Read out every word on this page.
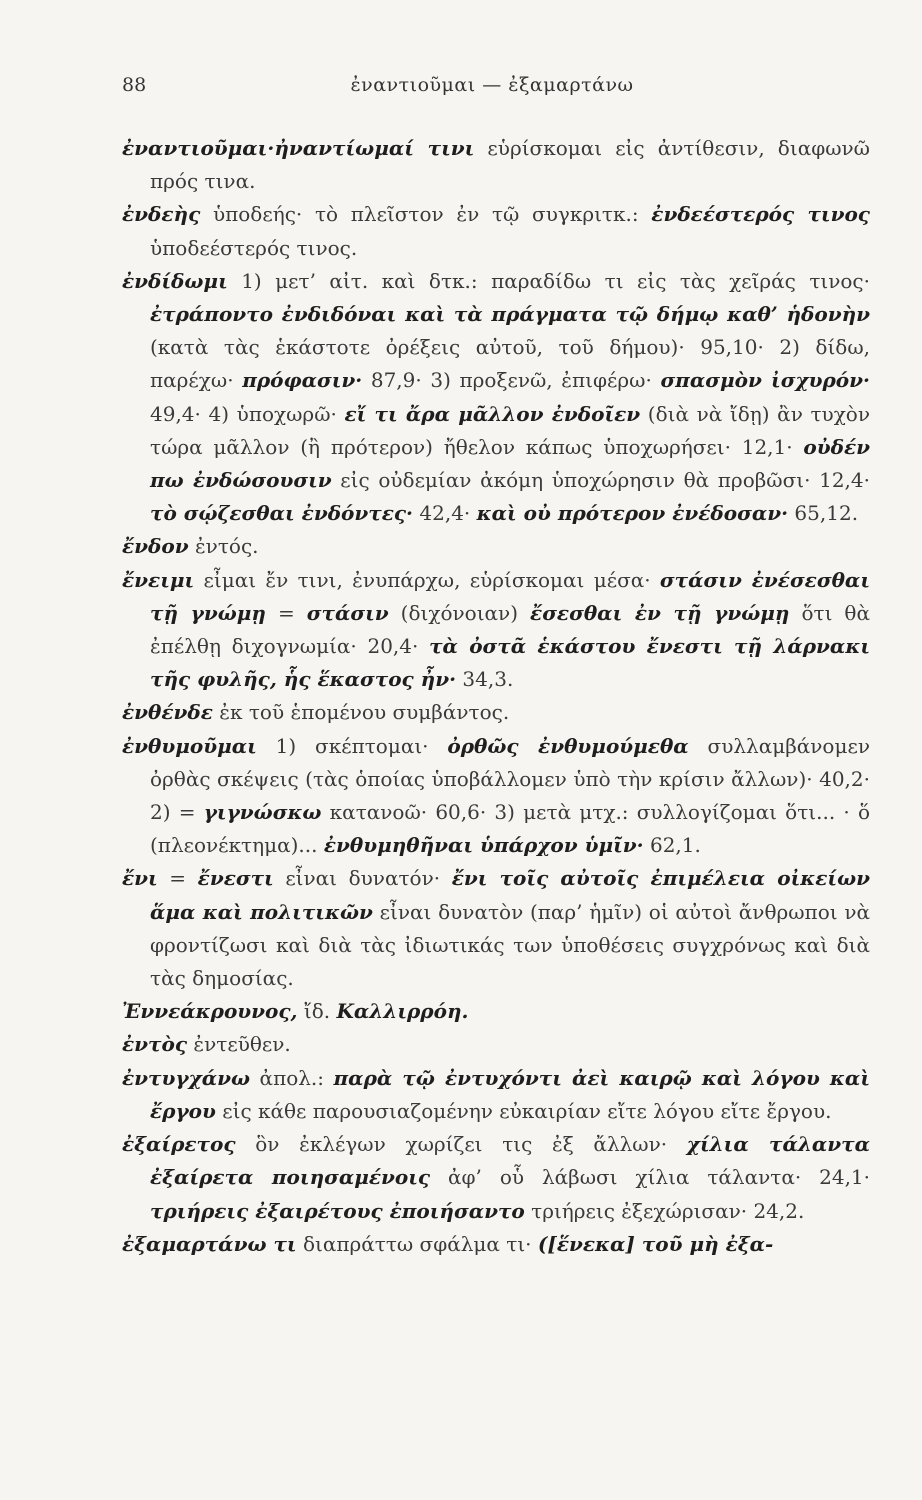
88	ἐναντιοῦμαι — ἐξαμαρτάνω

ἐναντιοῦμαι·ἠναντίωμαί τινι εὑρίσκομαι εἰς ἀντίθεσιν, διαφωνῶ πρός τινα.

ἐνδεὴς ὑποδεής· τὸ πλεῖστον ἐν τῷ συγκριτκ.: ἐνδεέστερός τινος ὑποδεέστερός τινος.

ἐνδίδωμι 1) μετ’ αἰτ. καὶ δτκ.: παραδίδω τι εἰς τὰς χεῖράς τινος· ἐτράποντο ἐνδιδόναι καὶ τὰ πράγματα τῷ δήμῳ καθ’ ἡδονὴν (κατὰ τὰς ἑκάστοτε ὀρέξεις αὐτοῦ, τοῦ δήμου)· 95,10· 2) δίδω, παρέχω· πρόφασιν· 87,9· 3) προξενῶ, ἐπιφέρω· σπασμὸν ἰσχυρόν· 49,4· 4) ὑποχωρῶ· εἴ τι ἄρα μᾶλλον ἐνδοῖεν (διὰ νὰ ἴδῃ) ἂν τυχὸν τώρα μᾶλλον (ἢ πρότερον) ἤθελον κάπως ὑποχωρήσει· 12,1· οὐδέν πω ἐνδώσουσιν εἰς οὐδεμίαν ἀκόμη ὑποχώρησιν θὰ προβῶσι· 12,4· τὸ σῴζεσθαι ἐνδόντες· 42,4· καὶ οὐ πρότερον ἐνέδοσαν· 65,12.

ἔνδον ἐντός.

ἔνειμι εἶμαι ἔν τινι, ἐνυπάρχω, εὑρίσκομαι μέσα· στάσιν ἐνέσεσθαι τῇ γνώμῃ = στάσιν (διχόνοιαν) ἔσεσθαι ἐν τῇ γνώμῃ ὅτι θὰ ἐπέλθῃ διχογνωμία· 20,4· τὰ ὀστᾶ ἑκάστου ἔνεστι τῇ λάρνακι τῆς φυλῆς, ἧς ἕκαστος ἦν· 34,3.

ἐνθένδε ἐκ τοῦ ἑπομένου συμβάντος.

ἐνθυμοῦμαι 1) σκέπτομαι· ὀρθῶς ἐνθυμούμεθα συλλαμβάνομεν ὀρθὰς σκέψεις (τὰς ὁποίας ὑποβάλλομεν ὑπὸ τὴν κρίσιν ἄλλων)· 40,2· 2) = γιγνώσκω κατανοῶ· 60,6· 3) μετὰ μτχ.: συλλογίζομαι ὅτι... · ὅ (πλεονέκτημα)... ἐνθυμηθῆναι ὑπάρχον ὑμῖν· 62,1.

ἔνι = ἔνεστι εἶναι δυνατόν· ἔνι τοῖς αὐτοῖς ἐπιμέλεια οἰκείων ἅμα καὶ πολιτικῶν εἶναι δυνατὸν (παρ’ ἡμῖν) οἱ αὐτοὶ ἄνθρωποι νὰ φροντίζωσι καὶ διὰ τὰς ἰδιωτικάς των ὑποθέσεις συγχρόνως καὶ διὰ τὰς δημοσίας.

Ἐννεάκρουνος, ἴδ. Καλλιρρόη.

ἐντὸς ἐντεῦθεν.

ἐντυγχάνω ἀπολ.: παρὰ τῷ ἐντυχόντι ἀεὶ καιρῷ καὶ λόγου καὶ ἔργου εἰς κάθε παρουσιαζομένην εὐκαιρίαν εἴτε λόγου εἴτε ἔργου.

ἐξαίρετος ὃν ἐκλέγων χωρίζει τις ἐξ ἄλλων· χίλια τάλαντα ἐξαίρετα ποιησαμένοις ἀφ’ οὗ λάβωσι χίλια τάλαντα· 24,1· τριήρεις ἐξαιρέτους ἐποιήσαντο τριήρεις ἐξεχώρισαν· 24,2.

ἐξαμαρτάνω τι διαπράττω σφάλμα τι· ([ἕνεκα] τοῦ μὴ ἐξα-
